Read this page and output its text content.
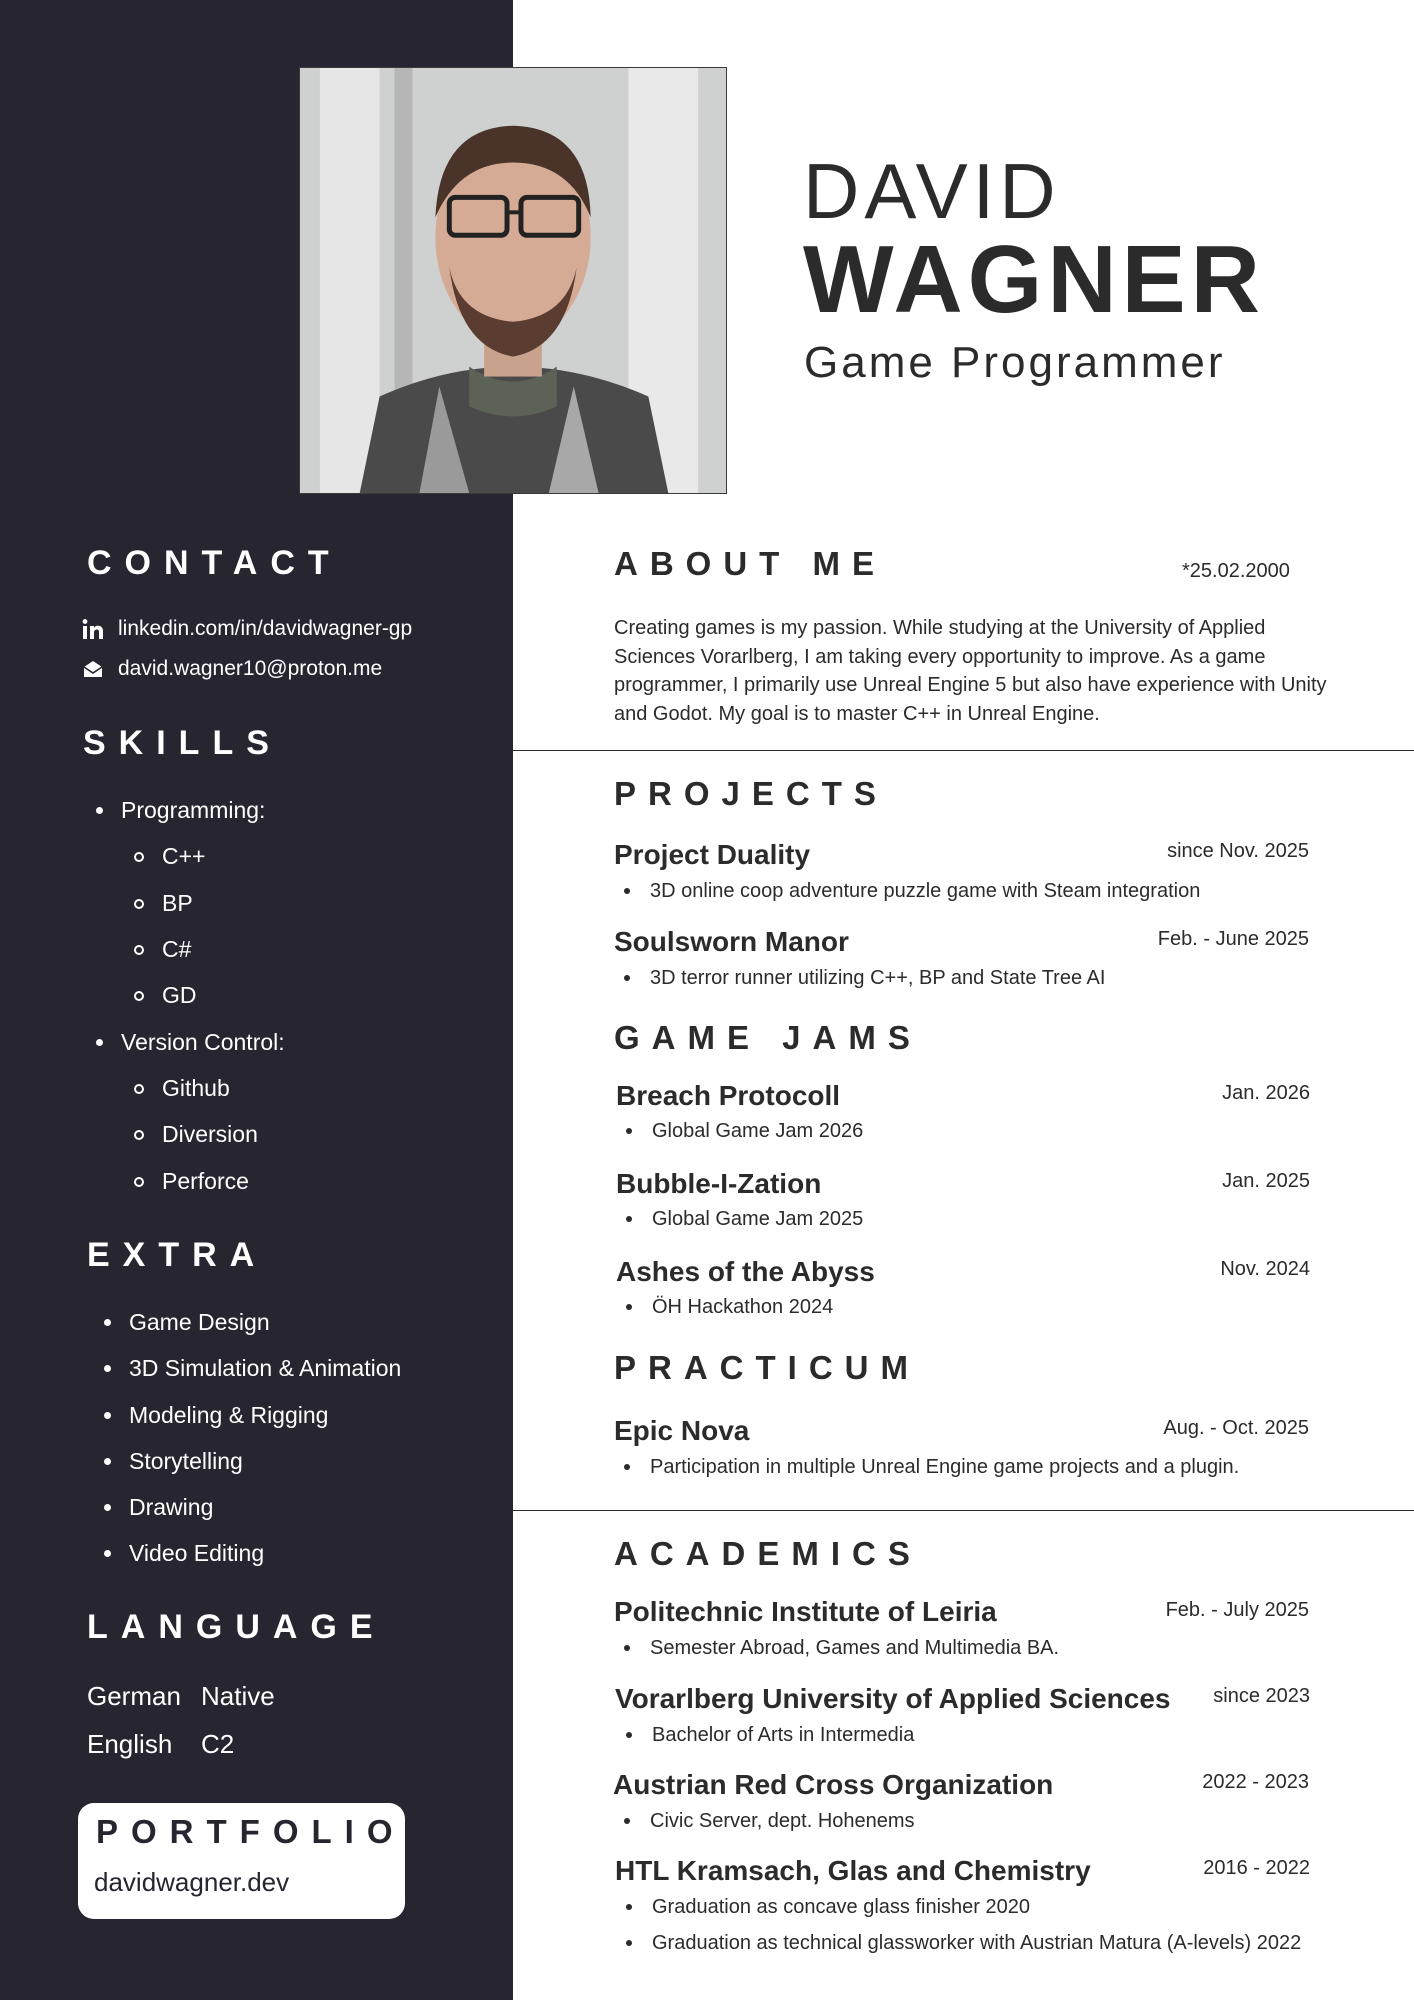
DAVID
WAGNER
Game Programmer
CONTACT
linkedin.com/in/davidwagner-gp
david.wagner10@proton.me
SKILLS
Programming:
C++
BP
C#
GD
Version Control:
Github
Diversion
Perforce
EXTRA
Game Design
3D Simulation & Animation
Modeling & Rigging
Storytelling
Drawing
Video Editing
LANGUAGE
German Native
English	C2
PORTFOLIO
davidwagner.dev
ABOUT ME	*25.02.2000
Creating games is my passion. While studying at the University of Applied Sciences Vorarlberg, I am taking every opportunity to improve. As a game programmer, I primarily use Unreal Engine 5 but also have experience with Unity and Godot. My goal is to master C++ in Unreal Engine.
PROJECTS
Project Duality	since Nov. 2025
3D online coop adventure puzzle game with Steam integration
Soulsworn Manor	Feb. - June 2025
3D terror runner utilizing C++, BP and State Tree AI
GAME JAMS
Breach Protocoll	Jan. 2026
Global Game Jam 2026
Bubble-I-Zation	Jan. 2025
Global Game Jam 2025
Ashes of the Abyss	Nov. 2024
ÖH Hackathon 2024
PRACTICUM
Epic Nova	Aug. - Oct. 2025
Participation in multiple Unreal Engine game projects and a plugin.
ACADEMICS
Politechnic Institute of Leiria	Feb. - July 2025
Semester Abroad, Games and Multimedia BA.
Vorarlberg University of Applied Sciences since 2023
Bachelor of Arts in Intermedia
Austrian Red Cross Organization	2022 - 2023
Civic Server, dept. Hohenems
HTL Kramsach, Glas and Chemistry	2016 - 2022
Graduation as concave glass finisher 2020
Graduation as technical glassworker with Austrian Matura (A-levels) 2022
